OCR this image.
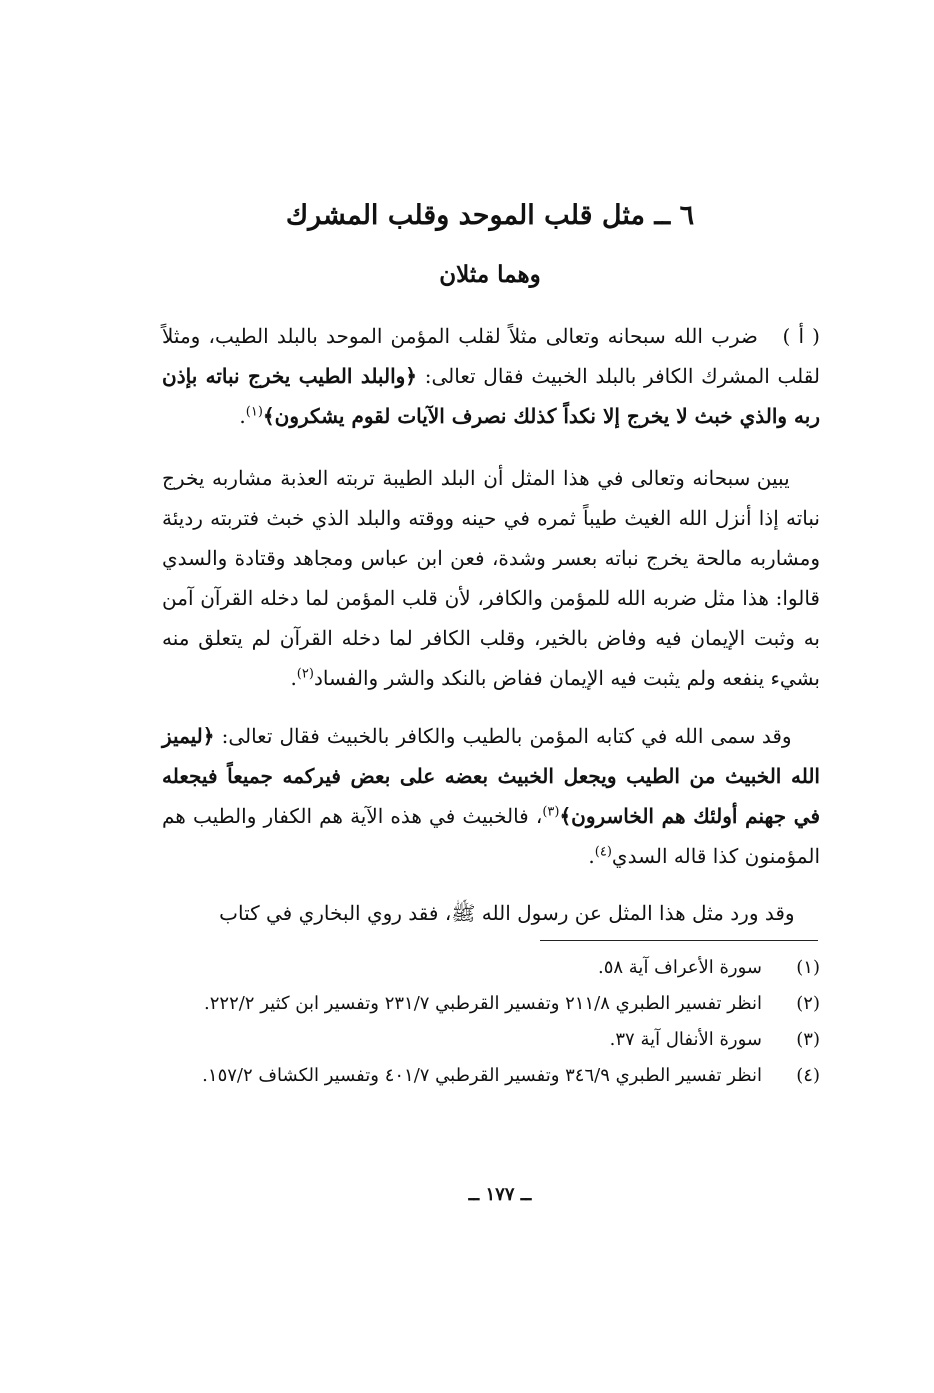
٦ ــ مثل قلب الموحد وقلب المشرك
وهما مثلان
( أ )   ضرب الله سبحانه وتعالى مثلاً لقلب المؤمن الموحد بالبلد الطيب، ومثلاً لقلب المشرك الكافر بالبلد الخبيث فقال تعالى: ﴿والبلد الطيب يخرج نباته بإذن ربه والذي خبث لا يخرج إلا نكداً كذلك نصرف الآيات لقوم يشكرون﴾$^{(١)}$.
يبين سبحانه وتعالى في هذا المثل أن البلد الطيبة تربته العذبة مشاربه يخرج نباته إذا أنزل الله الغيث طيباً ثمره في حينه ووقته والبلد الذي خبث فتربته رديئة ومشاربه مالحة يخرج نباته بعسر وشدة، فعن ابن عباس ومجاهد وقتادة والسدي قالوا: هذا مثل ضربه الله للمؤمن والكافر، لأن قلب المؤمن لما دخله القرآن آمن به وثبت الإيمان فيه وفاض بالخير، وقلب الكافر لما دخله القرآن لم يتعلق منه بشيء ينفعه ولم يثبت فيه الإيمان ففاض بالنكد والشر والفساد$^{(٢)}$.
وقد سمى الله في كتابه المؤمن بالطيب والكافر بالخبيث فقال تعالى: ﴿ليميز الله الخبيث من الطيب ويجعل الخبيث بعضه على بعض فيركمه جميعاً فيجعله في جهنم أولئك هم الخاسرون﴾$^{(٣)}$، فالخبيث في هذه الآية هم الكفار والطيب هم المؤمنون كذا قاله السدي$^{(٤)}$.
وقد ورد مثل هذا المثل عن رسول الله ﷺ، فقد روي البخاري في كتاب
(١)
سورة الأعراف آية ٥٨.
(٢)
انظر تفسير الطبري ٢١١/٨ وتفسير القرطبي ٢٣١/٧ وتفسير ابن كثير ٢٢٢/٢.
(٣)
سورة الأنفال آية ٣٧.
(٤)
انظر تفسير الطبري ٣٤٦/٩ وتفسير القرطبي ٤٠١/٧ وتفسير الكشاف ١٥٧/٢.
ــ ١٧٧ ــ
